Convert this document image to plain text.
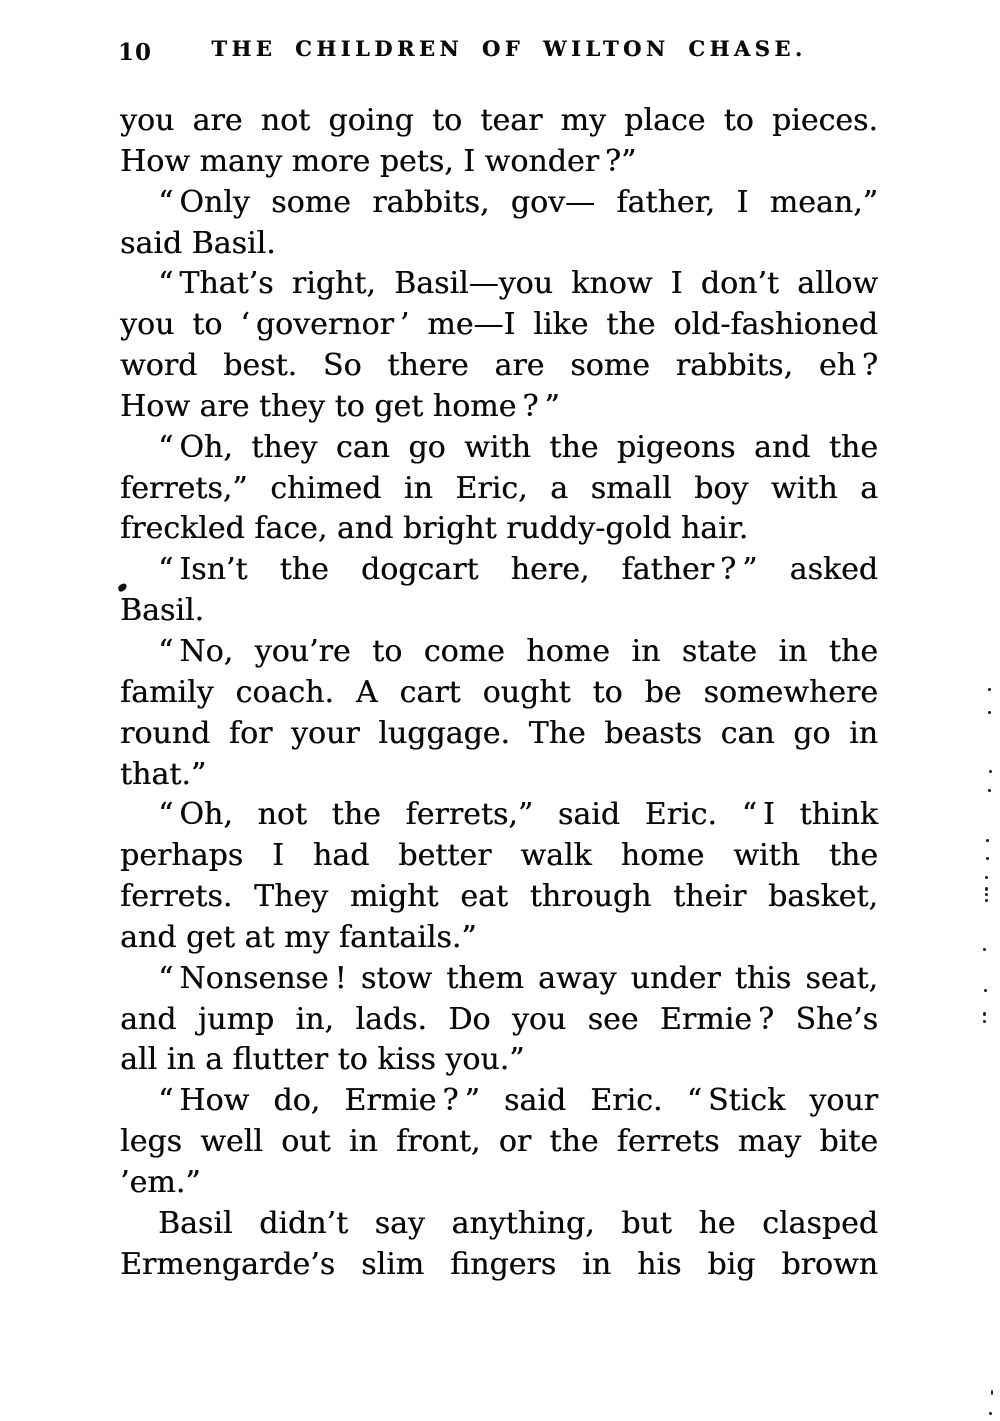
10	THE CHILDREN OF WILTON CHASE.
you are not going to tear my place to pieces.
How many more pets, I wonder ?”
“ Only some rabbits, gov— father, I mean,”
said Basil.
“ That’s right, Basil—you know I don’t allow
you to ‘ governor ’ me—I like the old-fashioned
word best. So there are some rabbits, eh ?
How are they to get home ? ”
“ Oh, they can go with the pigeons and the
ferrets,” chimed in Eric, a small boy with a
freckled face, and bright ruddy-gold hair.
“ Isn’t the dogcart here, father ? ” asked
Basil.
“ No, you’re to come home in state in the
family coach. A cart ought to be somewhere
round for your luggage. The beasts can go in
that.”
“ Oh, not the ferrets,” said Eric. “ I think
perhaps I had better walk home with the
ferrets. They might eat through their basket,
and get at my fantails.”
“ Nonsense ! stow them away under this seat,
and jump in, lads. Do you see Ermie ? She’s
all in a flutter to kiss you.”
“ How do, Ermie ? ” said Eric. “ Stick your
legs well out in front, or the ferrets may bite
’em.”
Basil didn’t say anything, but he clasped
Ermengarde’s slim fingers in his big brown
